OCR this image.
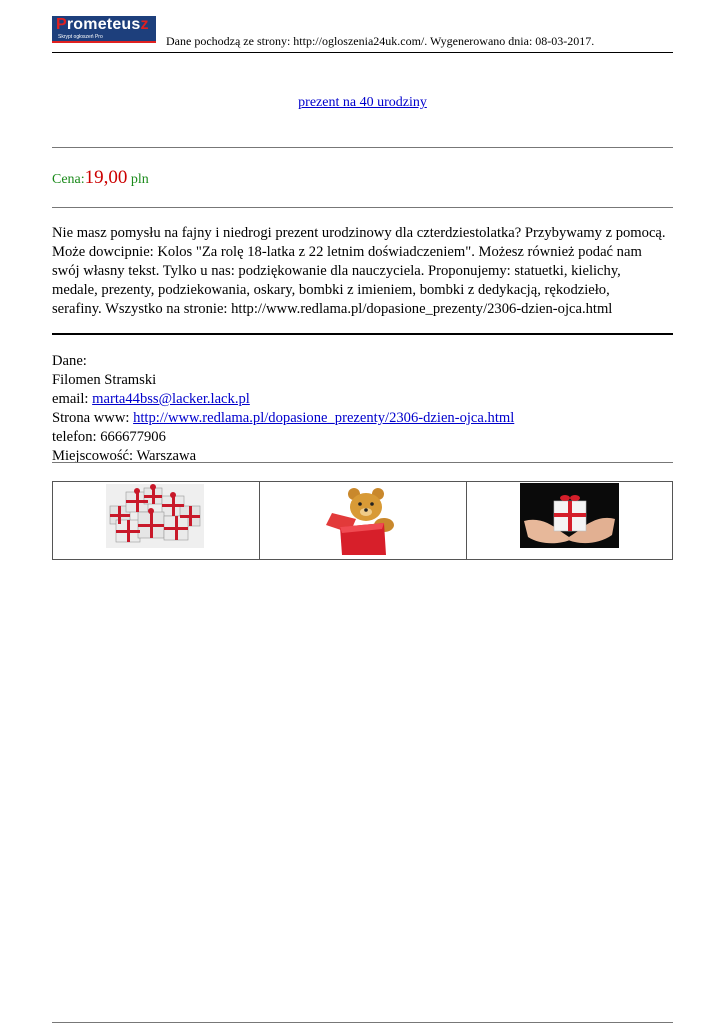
Prometeusz
Skrypt ogłoszeń Pro	Dane pochodzą ze strony: http://ogloszenia24uk.com/. Wygenerowano dnia: 08-03-2017.
prezent na 40 urodziny
Cena:19,00 pln
Nie masz pomysłu na fajny i niedrogi prezent urodzinowy dla czterdziestolatka? Przybywamy z pomocą.
Może dowcipnie: Kolos "Za rolę 18-latka z 22 letnim doświadczeniem". Możesz również podać nam
swój własny tekst. Tylko u nas: podziękowanie dla nauczyciela. Proponujemy: statuetki, kielichy,
medale, prezenty, podziekowania, oskary, bombki z imieniem, bombki z dedykacją, rękodzieło,
serafiny. Wszystko na stronie: http://www.redlama.pl/dopasione_prezenty/2306-dzien-ojca.html
Dane:
Filomen Stramski
email: marta44bss@lacker.lack.pl
Strona www: http://www.redlama.pl/dopasione_prezenty/2306-dzien-ojca.html
telefon: 666677906
Miejscowość: Warszawa
